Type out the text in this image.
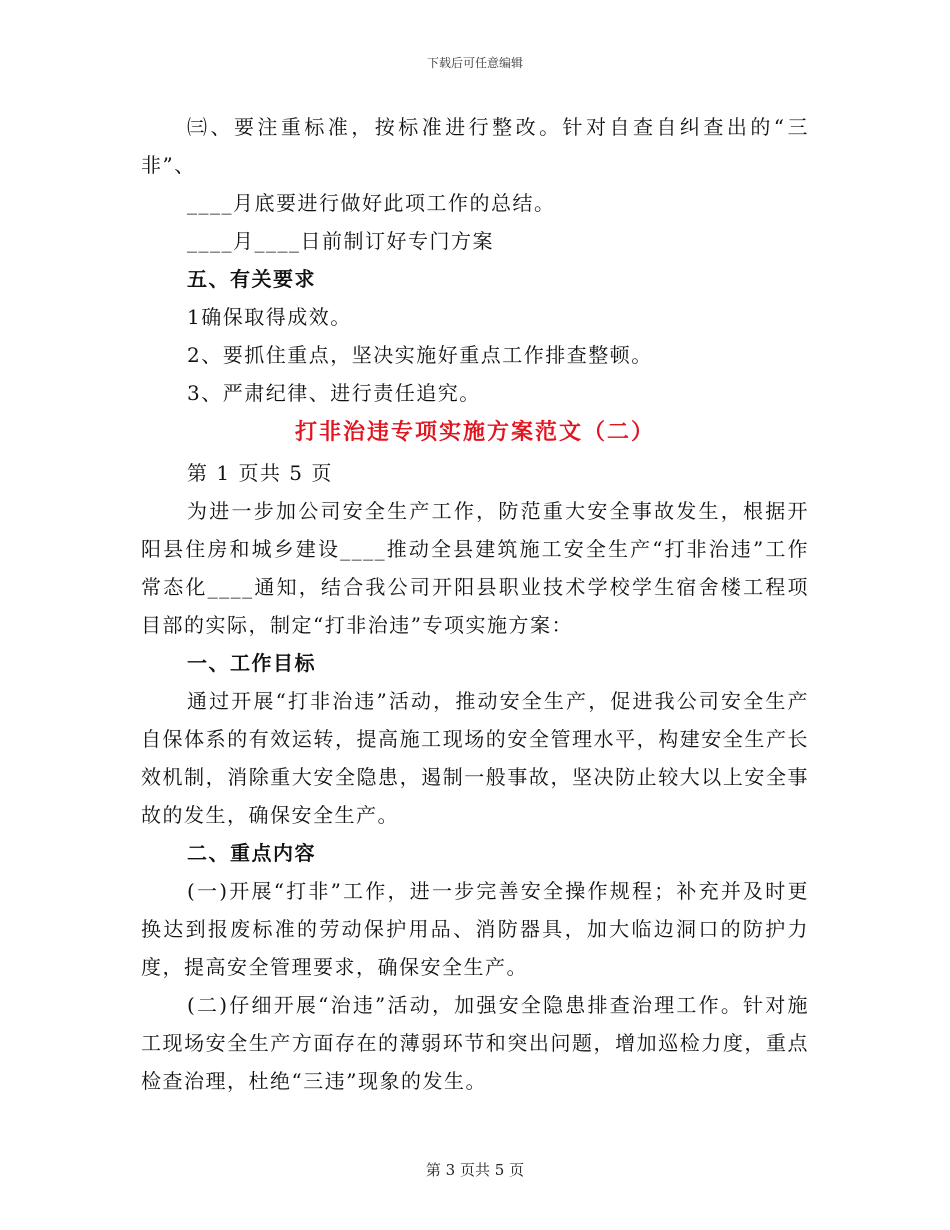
下载后可任意编辑

㈢、要注重标准，按标准进行整改。针对自查自纠查出的“三非”、

____月底要进行做好此项工作的总结。

____月____日前制订好专门方案

五、有关要求

1确保取得成效。

2、要抓住重点，坚决实施好重点工作排查整顿。

3、严肃纪律、进行责任追究。

打非治违专项实施方案范文（二）

第 1 页共 5 页

为进一步加公司安全生产工作，防范重大安全事故发生，根据开阳县住房和城乡建设____推动全县建筑施工安全生产“打非治违”工作常态化____通知，结合我公司开阳县职业技术学校学生宿舍楼工程项目部的实际，制定“打非治违”专项实施方案：

一、工作目标

通过开展“打非治违”活动，推动安全生产，促进我公司安全生产自保体系的有效运转，提高施工现场的安全管理水平，构建安全生产长效机制，消除重大安全隐患，遏制一般事故，坚决防止较大以上安全事故的发生，确保安全生产。

二、重点内容

(一)开展“打非”工作，进一步完善安全操作规程；补充并及时更换达到报废标准的劳动保护用品、消防器具，加大临边洞口的防护力度，提高安全管理要求，确保安全生产。

(二)仔细开展“治违”活动，加强安全隐患排查治理工作。针对施工现场安全生产方面存在的薄弱环节和突出问题，增加巡检力度，重点检查治理，杜绝“三违”现象的发生。

第 3 页共 5 页
